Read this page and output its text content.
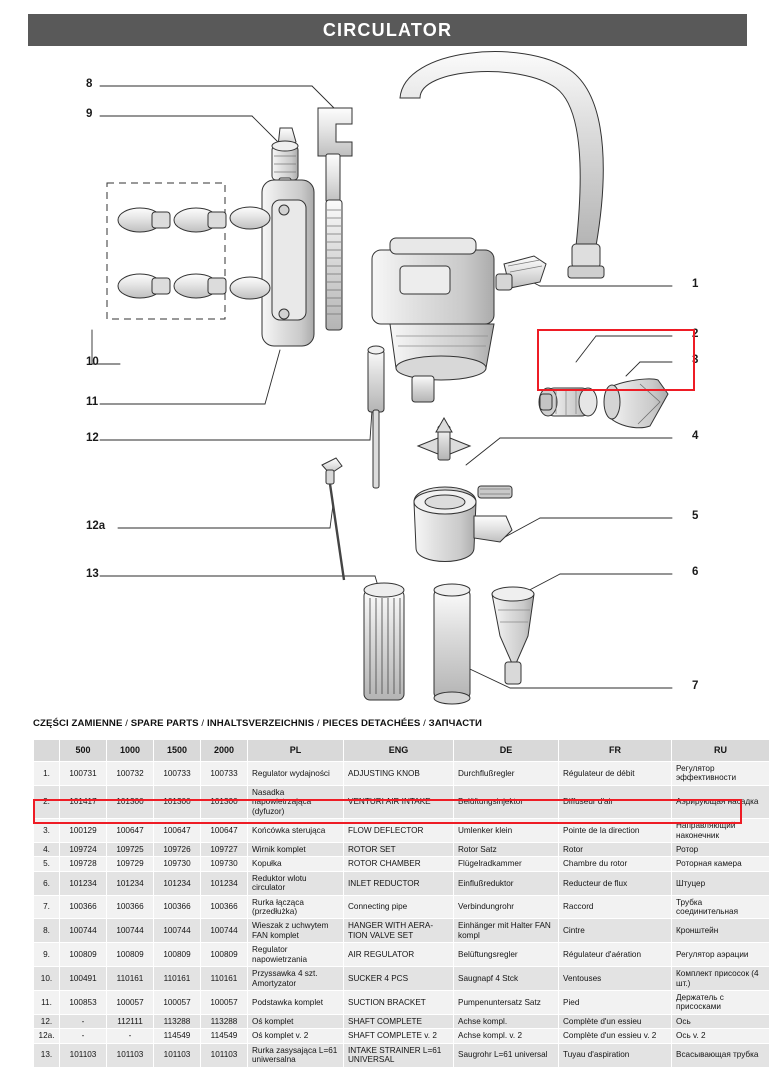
CIRCULATOR
8
9
10
11
12
12a
13
1
2
3
4
5
6
7
CZĘŚCI ZAMIENNE / SPARE PARTS / INHALTSVERZEICHNIS / PIECES DETACHÉES / ЗАПЧАСТИ
	500	1000	1500	2000	PL	ENG	DE	FR	RU
1.	100731	100732	100733	100733	Regulator wydajności	ADJUSTING KNOB	Durchflußregler	Régulateur de débit	Регулятор эффективности
2.	101417	101300	101300	101300	Nasadka napowietrzająca (dyfuzor)	VENTURI AIR INTAKE	Belüftungsinjektor	Diffuseur d'air	Аэрирующая насадка
3.	100129	100647	100647	100647	Końcówka sterująca	FLOW DEFLECTOR	Umlenker klein	Pointe de la direction	Направляющий наконечник
4.	109724	109725	109726	109727	Wirnik komplet	ROTOR SET	Rotor Satz	Rotor	Ротор
5.	109728	109729	109730	109730	Kopułka	ROTOR CHAMBER	Flügelradkammer	Chambre du rotor	Роторная камера
6.	101234	101234	101234	101234	Reduktor wlotu circulator	INLET REDUCTOR	Einflußreduktor	Reducteur de flux	Штуцер
7.	100366	100366	100366	100366	Rurka łącząca (przedłużka)	Connecting pipe	Verbindungrohr	Raccord	Трубка соединительная
8.	100744	100744	100744	100744	Wieszak z uchwytem FAN komplet	HANGER WITH AERA-TION VALVE SET	Einhänger mit Halter FAN kompl	Cintre	Кронштейн
9.	100809	100809	100809	100809	Regulator napowietrzania	AIR REGULATOR	Belüftungsregler	Régulateur d'aération	Регулятор аэрации
10.	100491	110161	110161	110161	Przyssawka 4 szt. Amortyzator	SUCKER 4 PCS	Saugnapf 4 Stck	Ventouses	Комплект присосок (4 шт.)
11.	100853	100057	100057	100057	Podstawka komplet	SUCTION BRACKET	Pumpenuntersatz Satz	Pied	Держатель с присосками
12.	-	112111	113288	113288	Oś komplet	SHAFT COMPLETE	Achse kompl.	Complète d'un essieu	Ось
12a.	-	-	114549	114549	Oś komplet v. 2	SHAFT COMPLETE v. 2	Achse kompl. v. 2	Complète d'un essieu v. 2	Ось v. 2
13.	101103	101103	101103	101103	Rurka zasysająca L=61 uniwersalna	INTAKE STRAINER L=61 UNIVERSAL	Saugrohr L=61 universal	Tuyau d'aspiration	Всасывающая трубка
